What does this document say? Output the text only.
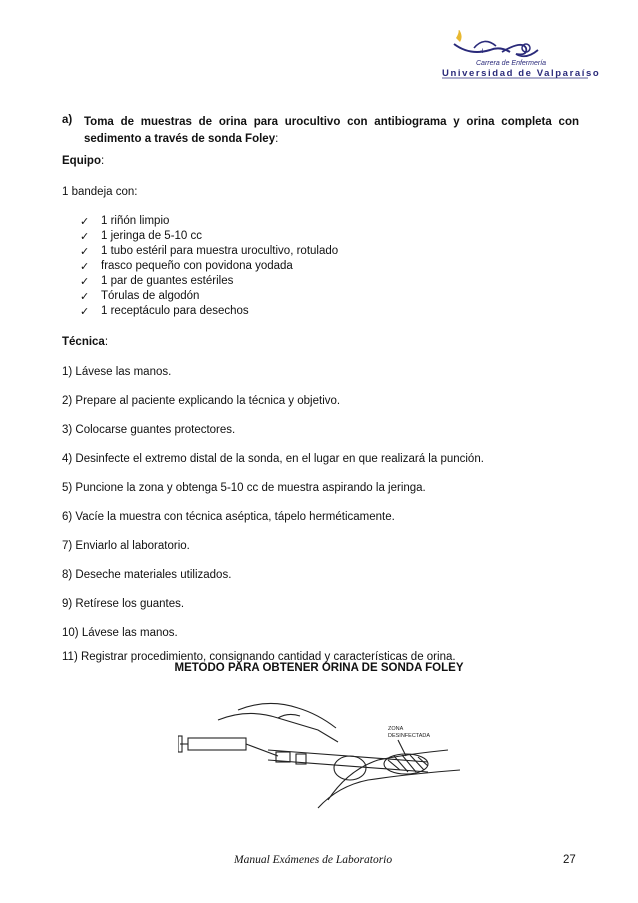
+
Carrera de Enfermería
Universidad de Valparaíso
a) Toma de muestras de orina para urocultivo con antibiograma y orina completa con sedimento a través de sonda Foley:
Equipo:
1 bandeja con:
✓ 1 riñón limpio
✓ 1 jeringa de 5-10 cc
✓ 1 tubo estéril para muestra urocultivo, rotulado
✓ frasco pequeño con povidona yodada
✓ 1 par de guantes estériles
✓ Tórulas de algodón
✓ 1 receptáculo para desechos
Técnica:
1) Lávese las manos.
2) Prepare al paciente explicando la técnica y objetivo.
3) Colocarse guantes protectores.
4) Desinfecte el extremo distal de la sonda, en el lugar en que realizará la punción.
5) Puncione la zona y obtenga 5-10 cc de muestra aspirando la jeringa.
6) Vacíe la muestra con técnica aséptica, tápelo herméticamente.
7) Enviarlo al laboratorio.
8) Deseche materiales utilizados.
9) Retírese los guantes.
10) Lávese las manos.
11) Registrar procedimiento, consignando cantidad y características de orina.
METODO PARA OBTENER ORINA DE SONDA FOLEY
ZONA
DESINFECTADA
Manual Exámenes de Laboratorio	27
